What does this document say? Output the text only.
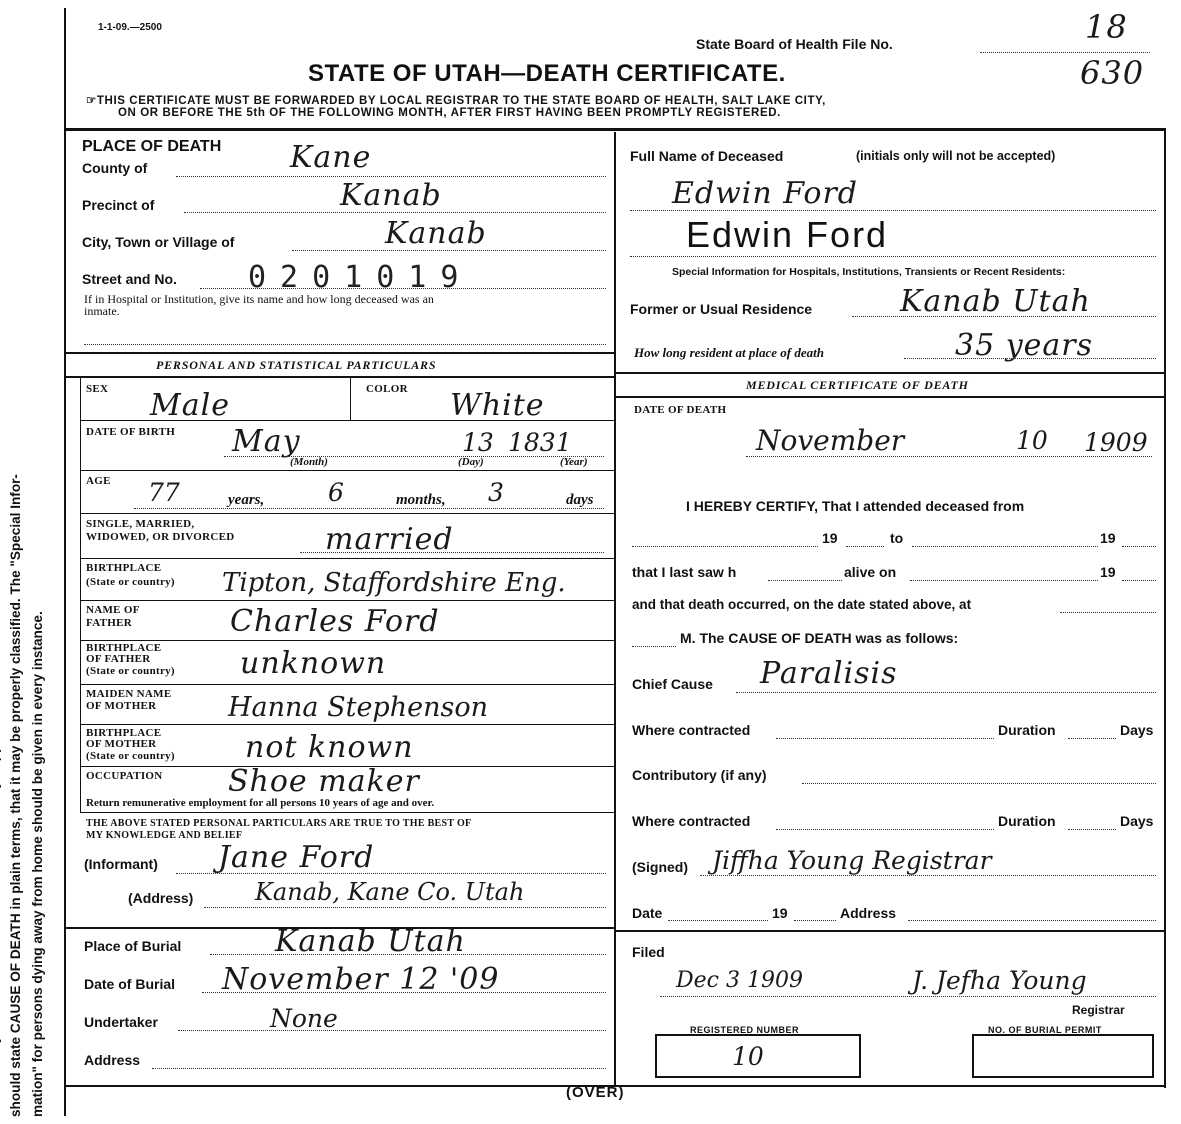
should state CAUSE OF DEATH in plain terms, that it may be properly classified. The "Special Infor- mation" for persons dying away from home should be given in every instance.
1-1-09.—2500
State Board of Health File No.	18
630
STATE OF UTAH—DEATH CERTIFICATE.
☞THIS CERTIFICATE MUST BE FORWARDED BY LOCAL REGISTRAR TO THE STATE BOARD OF HEALTH, SALT LAKE CITY,
ON OR BEFORE THE 5th OF THE FOLLOWING MONTH, AFTER FIRST HAVING BEEN PROMPTLY REGISTERED.
PLACE OF DEATH
County of	Kane
Precinct of	Kanab
City, Town or Village of	Kanab
Street and No. 0201019
If in Hospital or Institution, give its name and how long deceased was an
inmate.
PERSONAL AND STATISTICAL PARTICULARS
SEX Male	COLOR White
DATE OF BIRTH May	13 1831
(Month)	(Day)	(Year)
AGE 77	years,	6	months, 3	days
SINGLE, MARRIED,
WIDOWED, OR DIVORCED	married
BIRTHPLACE
(State or country) Tipton, Staffordshire Eng.
NAME OF
FATHER	Charles Ford
BIRTHPLACE
OF FATHER
(State or country) unknown
MAIDEN NAME
OF MOTHER	Hanna Stephenson
BIRTHPLACE
OF MOTHER
(State or country) not known
OCCUPATION Shoe maker
Return remunerative employment for all persons 10 years of age and over.
THE ABOVE STATED PERSONAL PARTICULARS ARE TRUE TO THE BEST OF
MY KNOWLEDGE AND BELIEF
(Informant) Jane Ford
(Address)	Kanab, Kane Co. Utah
Place of Burial	Kanab Utah
Date of Burial November 12 '09
Undertaker	None
Address
Full Name of Deceased	(initials only will not be accepted)
Edwin Ford
Edwin Ford
Special Information for Hospitals, Institutions, Transients or Recent Residents:
Former or Usual Residence	Kanab Utah
How long resident at place of death	35 years
MEDICAL CERTIFICATE OF DEATH
DATE OF DEATH
November	10 1909
I HEREBY CERTIFY, That I attended deceased from
19	to	19
that I last saw h	alive on	19
and that death occurred, on the date stated above, at
M. The CAUSE OF DEATH was as follows:
Chief Cause Paralisis
Where contracted	Duration	Days
Contributory (if any)
Where contracted	Duration	Days
(Signed) Jiffha Young Registrar
Date	19	Address
Filed
Dec 3 1909	J. Jefha Young
Registrar
REGISTERED NUMBER
10
NO. OF BURIAL PERMIT
(OVER)
